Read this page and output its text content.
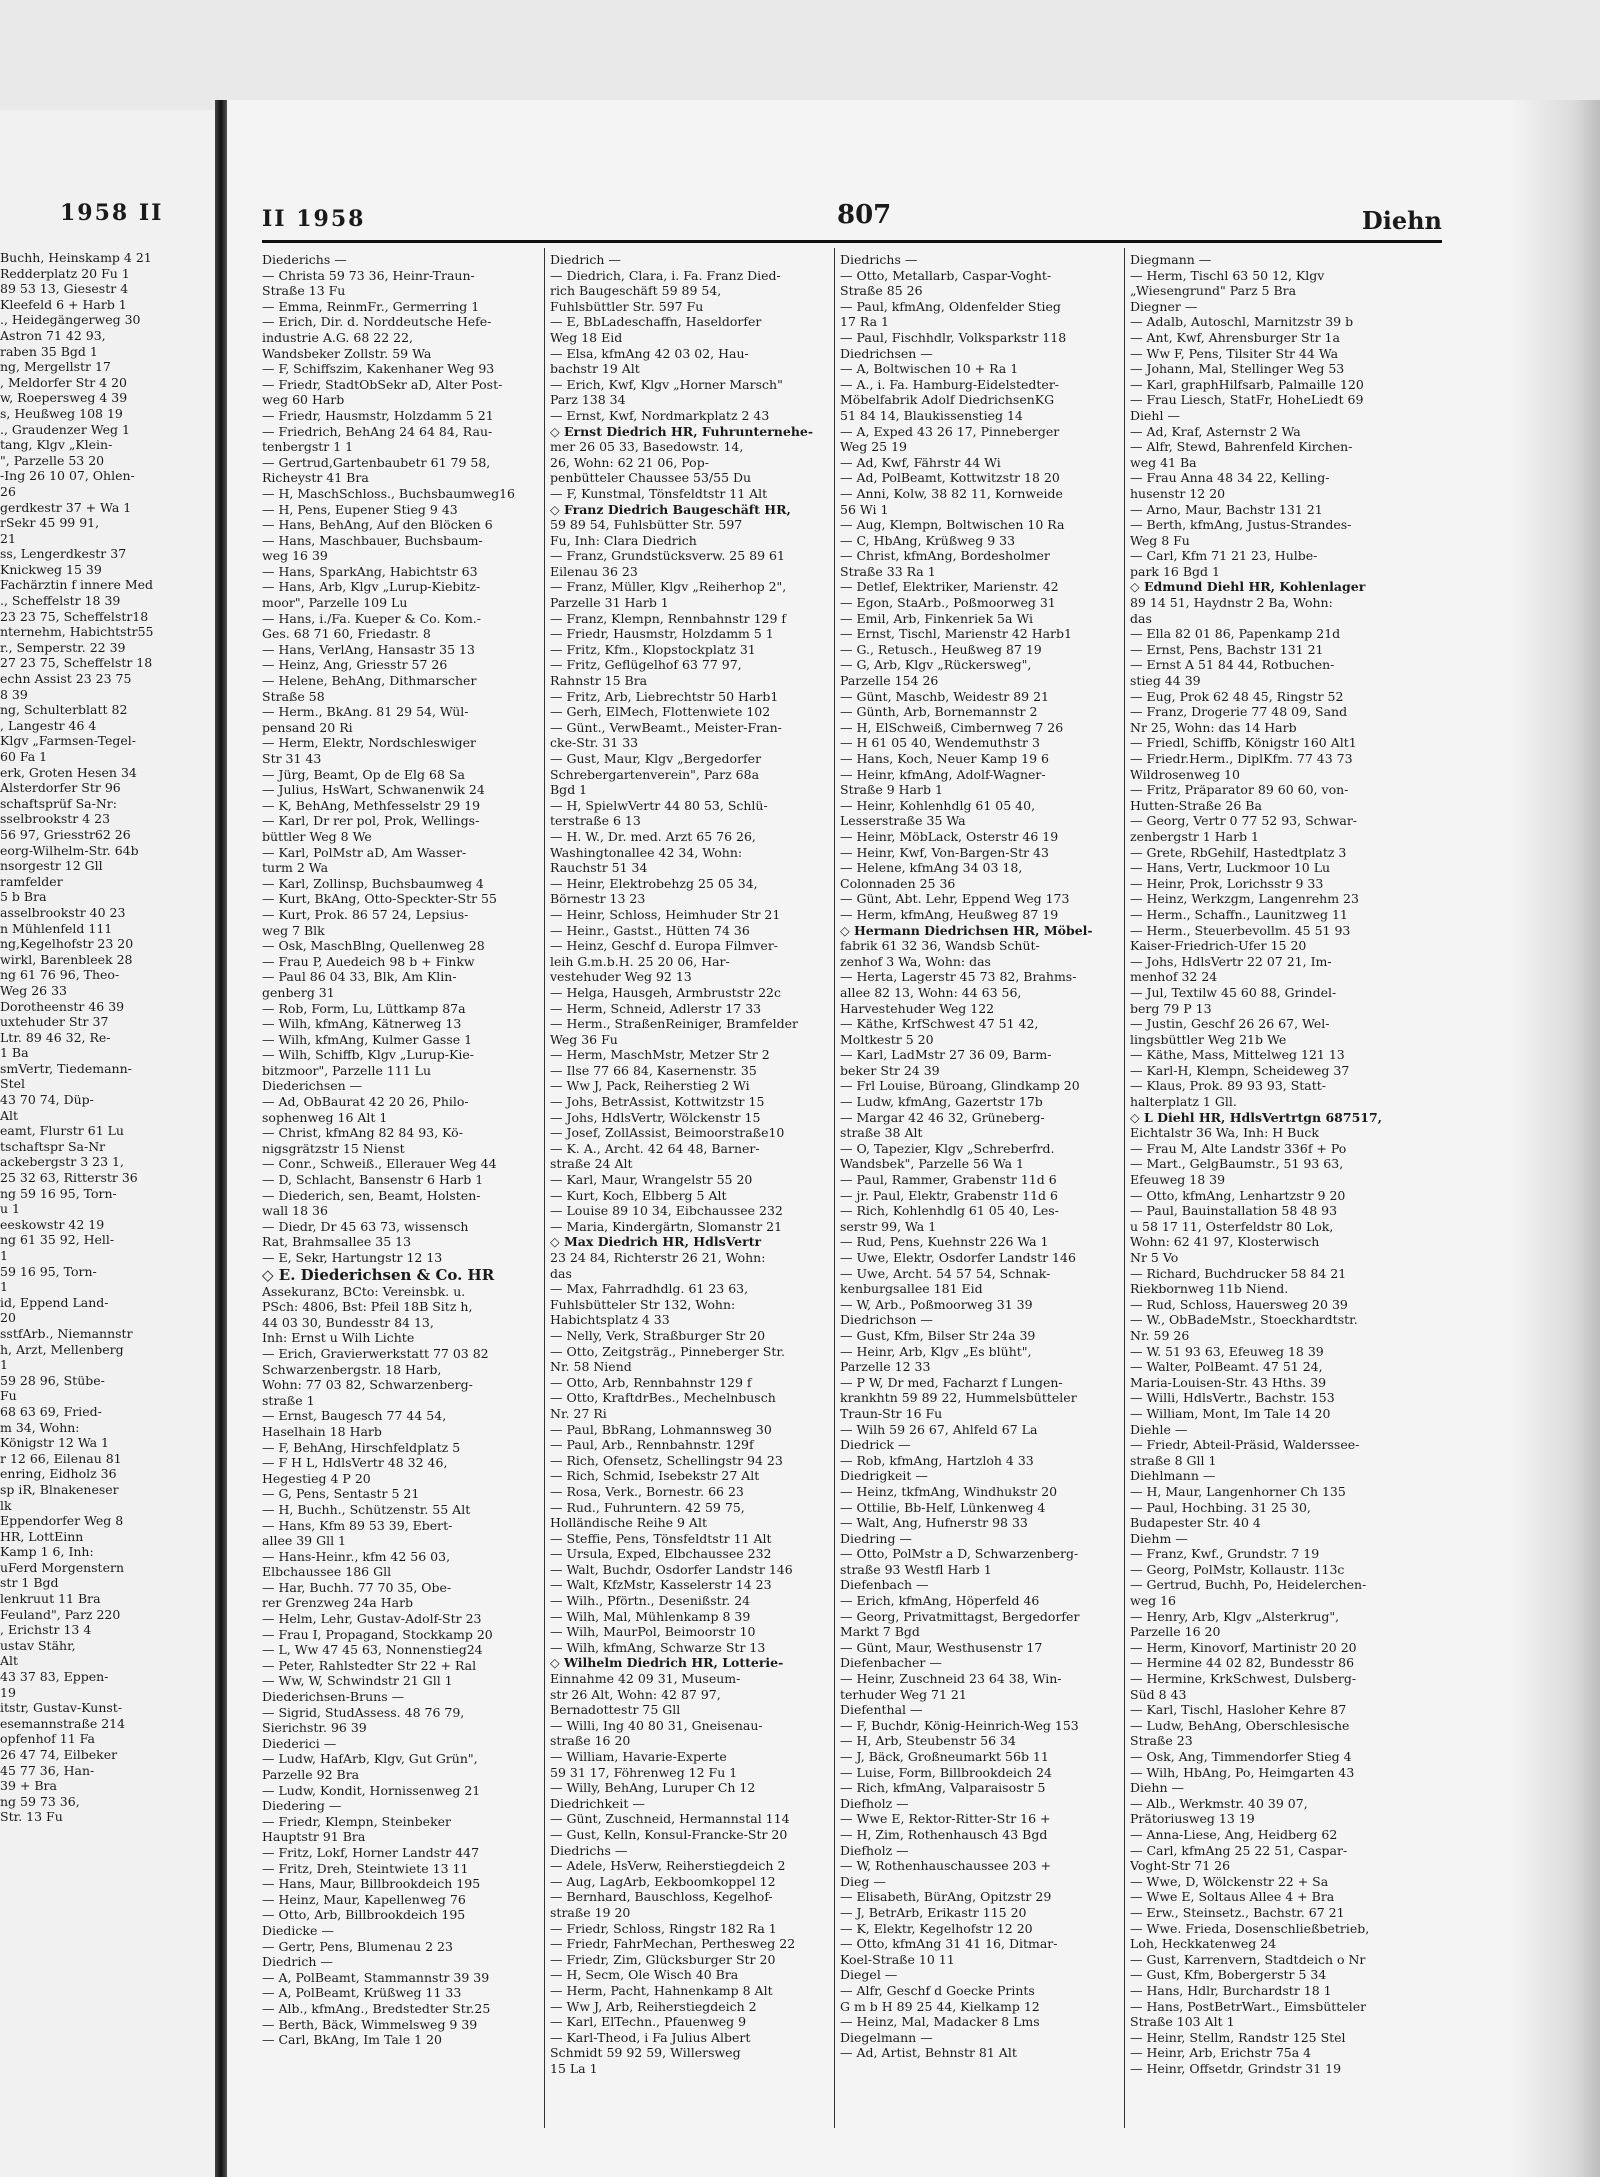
1958 II
Buchh, Heinskamp 4 21
Redderplatz 20 Fu 1
89 53 13, Giesestr 4
Kleefeld 6 + Harb 1
., Heidegängerweg 30
Astron 71 42 93,
raben 35 Bgd 1
ng, Mergellstr 17
, Meldorfer Str 4 20
w, Roepersweg 4 39
s, Heußweg 108 19
., Graudenzer Weg 1
tang, Klgv „Klein-
", Parzelle 53 20
-Ing 26 10 07, Ohlen-
26
gerdkestr 37 + Wa 1
rSekr 45 99 91,
21
ss, Lengerdkestr 37
Knickweg 15 39
Fachärztin f innere Med
., Scheffelstr 18 39
23 23 75, Scheffelstr18
nternehm, Habichtstr55
r., Semperstr. 22 39
27 23 75, Scheffelstr 18
echn Assist 23 23 75
8 39
ng, Schulterblatt 82
, Langestr 46 4
Klgv „Farmsen-Tegel-
60 Fa 1
erk, Groten Hesen 34
Alsterdorfer Str 96
schaftsprüf Sa-Nr:
sselbrookstr 4 23
56 97, Griesstr62 26
eorg-Wilhelm-Str. 64b
nsorgestr 12 Gll
ramfelder
5 b Bra
asselbrookstr 40 23
n Mühlenfeld 111
ng,Kegelhofstr 23 20
wirkl, Barenbleek 28
ng 61 76 96, Theo-
Weg 26 33
Dorotheenstr 46 39
uxtehuder Str 37
Ltr. 89 46 32, Re-
1 Ba
smVertr, Tiedemann-
Stel
43 70 74, Düp-
Alt
eamt, Flurstr 61 Lu
tschaftspr Sa-Nr
ackebergstr 3 23 1,
25 32 63, Ritterstr 36
ng 59 16 95, Torn-
u 1
eeskowstr 42 19
ng 61 35 92, Hell-
1
59 16 95, Torn-
1
id, Eppend Land-
20
sstfArb., Niemannstr
h, Arzt, Mellenberg
1
59 28 96, Stübe-
Fu
68 63 69, Fried-
m 34, Wohn:
Königstr 12 Wa 1
r 12 66, Eilenau 81
enring, Eidholz 36
sp iR, Blnakeneser
lk
Eppendorfer Weg 8
HR, LottEinn
Kamp 1 6, Inh:
uFerd Morgenstern
str 1 Bgd
lenkruut 11 Bra
Feuland", Parz 220
, Erichstr 13 4
ustav Stähr,
Alt
43 37 83, Eppen-
19
itstr, Gustav-Kunst-
esemannstraße 214
opfenhof 11 Fa
26 47 74, Eilbeker
45 77 36, Han-
39 + Bra
ng 59 73 36,
Str. 13 Fu
II 1958	807	Diehn
Diederichs —
— Christa 59 73 36, Heinr-Traun-
Straße 13 Fu
— Emma, ReinmFr., Germerring 1
— Erich, Dir. d. Norddeutsche Hefe-
industrie A.G. 68 22 22,
Wandsbeker Zollstr. 59 Wa
— F, Schiffszim, Kakenhaner Weg 93
— Friedr, StadtObSekr aD, Alter Post-
weg 60 Harb
— Friedr, Hausmstr, Holzdamm 5 21
— Friedrich, BehAng 24 64 84, Rau-
tenbergstr 1 1
— Gertrud,Gartenbaubetr 61 79 58,
Richeystr 41 Bra
— H, MaschSchloss., Buchsbaumweg16
— H, Pens, Eupener Stieg 9 43
— Hans, BehAng, Auf den Blöcken 6
— Hans, Maschbauer, Buchsbaum-
weg 16 39
— Hans, SparkAng, Habichtstr 63
— Hans, Arb, Klgv „Lurup-Kiebitz-
moor", Parzelle 109 Lu
— Hans, i./Fa. Kueper & Co. Kom.-
Ges. 68 71 60, Friedastr. 8
— Hans, VerlAng, Hansastr 35 13
— Heinz, Ang, Griesstr 57 26
— Helene, BehAng, Dithmarscher
Straße 58
— Herm., BkAng. 81 29 54, Wül-
pensand 20 Ri
— Herm, Elektr, Nordschleswiger
Str 31 43
— Jürg, Beamt, Op de Elg 68 Sa
— Julius, HsWart, Schwanenwik 24
— K, BehAng, Methfesselstr 29 19
— Karl, Dr rer pol, Prok, Wellings-
büttler Weg 8 We
— Karl, PolMstr aD, Am Wasser-
turm 2 Wa
— Karl, Zollinsp, Buchsbaumweg 4
— Kurt, BkAng, Otto-Speckter-Str 55
— Kurt, Prok. 86 57 24, Lepsius-
weg 7 Blk
— Osk, MaschBlng, Quellenweg 28
— Frau P, Auedeich 98 b + Finkw
— Paul 86 04 33, Blk, Am Klin-
genberg 31
— Rob, Form, Lu, Lüttkamp 87a
— Wilh, kfmAng, Kätnerweg 13
— Wilh, kfmAng, Kulmer Gasse 1
— Wilh, Schiffb, Klgv „Lurup-Kie-
bitzmoor", Parzelle 111 Lu
Diederichsen —
— Ad, ObBaurat 42 20 26, Philo-
sophenweg 16 Alt 1
— Christ, kfmAng 82 84 93, Kö-
nigsgrätzstr 15 Nienst
— Conr., Schweiß., Ellerauer Weg 44
— D, Schlacht, Bansenstr 6 Harb 1
— Diederich, sen, Beamt, Holsten-
wall 18 36
— Diedr, Dr 45 63 73, wissensch
Rat, Brahmsallee 35 13
— E, Sekr, Hartungstr 12 13
◇ E. Diederichsen & Co. HR
Assekuranz, BCto: Vereinsbk. u.
PSch: 4806, Bst: Pfeil 18B Sitz h,
44 03 30, Bundesstr 84 13,
Inh: Ernst u Wilh Lichte
— Erich, Gravierwerkstatt 77 03 82
Schwarzenbergstr. 18 Harb,
Wohn: 77 03 82, Schwarzenberg-
straße 1
— Ernst, Baugesch 77 44 54,
Haselhain 18 Harb
— F, BehAng, Hirschfeldplatz 5
— F H L, HdlsVertr 48 32 46,
Hegestieg 4 P 20
— G, Pens, Sentastr 5 21
— H, Buchh., Schützenstr. 55 Alt
— Hans, Kfm 89 53 39, Ebert-
allee 39 Gll 1
— Hans-Heinr., kfm 42 56 03,
Elbchaussee 186 Gll
— Har, Buchh. 77 70 35, Obe-
rer Grenzweg 24a Harb
— Helm, Lehr, Gustav-Adolf-Str 23
— Frau I, Propagand, Stockkamp 20
— L, Ww 47 45 63, Nonnenstieg24
— Peter, Rahlstedter Str 22 + Ral
— Ww, W, Schwindstr 21 Gll 1
Diederichsen-Bruns —
— Sigrid, StudAssess. 48 76 79,
Sierichstr. 96 39
Diederici —
— Ludw, HafArb, Klgv, Gut Grün",
Parzelle 92 Bra
— Ludw, Kondit, Hornissenweg 21
Diedering —
— Friedr, Klempn, Steinbeker
Hauptstr 91 Bra
— Fritz, Lokf, Horner Landstr 447
— Fritz, Dreh, Steintwiete 13 11
— Hans, Maur, Billbrookdeich 195
— Heinz, Maur, Kapellenweg 76
— Otto, Arb, Billbrookdeich 195
Diedicke —
— Gertr, Pens, Blumenau 2 23
Diedrich —
— A, PolBeamt, Stammannstr 39 39
— A, PolBeamt, Krüßweg 11 33
— Alb., kfmAng., Bredstedter Str.25
— Berth, Bäck, Wimmelsweg 9 39
— Carl, BkAng, Im Tale 1 20
Diedrich —
— Diedrich, Clara, i. Fa. Franz Died-
rich Baugeschäft 59 89 54,
Fuhlsbüttler Str. 597 Fu
— E, BbLadeschaffn, Haseldorfer
Weg 18 Eid
— Elsa, kfmAng 42 03 02, Hau-
bachstr 19 Alt
— Erich, Kwf, Klgv „Horner Marsch"
Parz 138 34
— Ernst, Kwf, Nordmarkplatz 2 43
◇ Ernst Diedrich HR, Fuhrunternehe-
mer 26 05 33, Basedowstr. 14,
26, Wohn: 62 21 06, Pop-
penbütteler Chaussee 53/55 Du
— F, Kunstmal, Tönsfeldtstr 11 Alt
◇ Franz Diedrich Baugeschäft HR,
59 89 54, Fuhlsbütter Str. 597
Fu, Inh: Clara Diedrich
— Franz, Grundstücksverw. 25 89 61
Eilenau 36 23
— Franz, Müller, Klgv „Reiherhop 2",
Parzelle 31 Harb 1
— Franz, Klempn, Rennbahnstr 129 f
— Friedr, Hausmstr, Holzdamm 5 1
— Fritz, Kfm., Klopstockplatz 31
— Fritz, Geflügelhof 63 77 97,
Rahnstr 15 Bra
— Fritz, Arb, Liebrechtstr 50 Harb1
— Gerh, ElMech, Flottenwiete 102
— Günt., VerwBeamt., Meister-Fran-
cke-Str. 31 33
— Gust, Maur, Klgv „Bergedorfer
Schrebergartenverein", Parz 68a
Bgd 1
— H, SpielwVertr 44 80 53, Schlü-
terstraße 6 13
— H. W., Dr. med. Arzt 65 76 26,
Washingtonallee 42 34, Wohn:
Rauchstr 51 34
— Heinr, Elektrobehzg 25 05 34,
Börnestr 13 23
— Heinr, Schloss, Heimhuder Str 21
— Heinr., Gastst., Hütten 74 36
— Heinz, Geschf d. Europa Filmver-
leih G.m.b.H. 25 20 06, Har-
vestehuder Weg 92 13
— Helga, Hausgeh, Armbruststr 22c
— Herm, Schneid, Adlerstr 17 33
— Herm., StraßenReiniger, Bramfelder
Weg 36 Fu
— Herm, MaschMstr, Metzer Str 2
— Ilse 77 66 84, Kasernenstr. 35
— Ww J, Pack, Reiherstieg 2 Wi
— Johs, BetrAssist, Kottwitzstr 15
— Johs, HdlsVertr, Wölckenstr 15
— Josef, ZollAssist, Beimoorstraße10
— K. A., Archt. 42 64 48, Barner-
straße 24 Alt
— Karl, Maur, Wrangelstr 55 20
— Kurt, Koch, Elbberg 5 Alt
— Louise 89 10 34, Eibchaussee 232
— Maria, Kindergärtn, Slomanstr 21
◇ Max Diedrich HR, HdlsVertr
23 24 84, Richterstr 26 21, Wohn:
das
— Max, Fahrradhdlg. 61 23 63,
Fuhlsbütteler Str 132, Wohn:
Habichtsplatz 4 33
— Nelly, Verk, Straßburger Str 20
— Otto, Zeitgsträg., Pinneberger Str.
Nr. 58 Niend
— Otto, Arb, Rennbahnstr 129 f
— Otto, KraftdrBes., Mechelnbusch
Nr. 27 Ri
— Paul, BbRang, Lohmannsweg 30
— Paul, Arb., Rennbahnstr. 129f
— Rich, Ofensetz, Schellingstr 94 23
— Rich, Schmid, Isebekstr 27 Alt
— Rosa, Verk., Bornestr. 66 23
— Rud., Fuhruntern. 42 59 75,
Holländische Reihe 9 Alt
— Steffie, Pens, Tönsfeldtstr 11 Alt
— Ursula, Exped, Elbchaussee 232
— Walt, Buchdr, Osdorfer Landstr 146
— Walt, KfzMstr, Kasselerstr 14 23
— Wilh., Pförtn., Desenißstr. 24
— Wilh, Mal, Mühlenkamp 8 39
— Wilh, MaurPol, Beimoorstr 10
— Wilh, kfmAng, Schwarze Str 13
◇ Wilhelm Diedrich HR, Lotterie-
Einnahme 42 09 31, Museum-
str 26 Alt, Wohn: 42 87 97,
Bernadottestr 75 Gll
— Willi, Ing 40 80 31, Gneisenau-
straße 16 20
— William, Havarie-Experte
59 31 17, Föhrenweg 12 Fu 1
— Willy, BehAng, Luruper Ch 12
Diedrichkeit —
— Günt, Zuschneid, Hermannstal 114
— Gust, Kelln, Konsul-Francke-Str 20
Diedrichs —
— Adele, HsVerw, Reiherstiegdeich 2
— Aug, LagArb, Eekboomkoppel 12
— Bernhard, Bauschloss, Kegelhof-
straße 19 20
— Friedr, Schloss, Ringstr 182 Ra 1
— Friedr, FahrMechan, Perthesweg 22
— Friedr, Zim, Glücksburger Str 20
— H, Secm, Ole Wisch 40 Bra
— Herm, Pacht, Hahnenkamp 8 Alt
— Ww J, Arb, Reiherstiegdeich 2
— Karl, ElTechn., Pfauenweg 9
— Karl-Theod, i Fa Julius Albert
Schmidt 59 92 59, Willersweg
15 La 1
Diedrichs —
— Otto, Metallarb, Caspar-Voght-
Straße 85 26
— Paul, kfmAng, Oldenfelder Stieg
17 Ra 1
— Paul, Fischhdlr, Volksparkstr 118
Diedrichsen —
— A, Boltwischen 10 + Ra 1
— A., i. Fa. Hamburg-Eidelstedter-
Möbelfabrik Adolf DiedrichsenKG
51 84 14, Blaukissenstieg 14
— A, Exped 43 26 17, Pinneberger
Weg 25 19
— Ad, Kwf, Fährstr 44 Wi
— Ad, PolBeamt, Kottwitzstr 18 20
— Anni, Kolw, 38 82 11, Kornweide
56 Wi 1
— Aug, Klempn, Boltwischen 10 Ra
— C, HbAng, Krüßweg 9 33
— Christ, kfmAng, Bordesholmer
Straße 33 Ra 1
— Detlef, Elektriker, Marienstr. 42
— Egon, StaArb., Poßmoorweg 31
— Emil, Arb, Finkenriek 5a Wi
— Ernst, Tischl, Marienstr 42 Harb1
— G., Retusch., Heußweg 87 19
— G, Arb, Klgv „Rückersweg",
Parzelle 154 26
— Günt, Maschb, Weidestr 89 21
— Günth, Arb, Bornemannstr 2
— H, ElSchweiß, Cimbernweg 7 26
— H 61 05 40, Wendemuthstr 3
— Hans, Koch, Neuer Kamp 19 6
— Heinr, kfmAng, Adolf-Wagner-
Straße 9 Harb 1
— Heinr, Kohlenhdlg 61 05 40,
Lesserstraße 35 Wa
— Heinr, MöbLack, Osterstr 46 19
— Heinr, Kwf, Von-Bargen-Str 43
— Helene, kfmAng 34 03 18,
Colonnaden 25 36
— Günt, Abt. Lehr, Eppend Weg 173
— Herm, kfmAng, Heußweg 87 19
◇ Hermann Diedrichsen HR, Möbel-
fabrik 61 32 36, Wandsb Schüt-
zenhof 3 Wa, Wohn: das
— Herta, Lagerstr 45 73 82, Brahms-
allee 82 13, Wohn: 44 63 56,
Harvestehuder Weg 122
— Käthe, KrfSchwest 47 51 42,
Moltkestr 5 20
— Karl, LadMstr 27 36 09, Barm-
beker Str 24 39
— Frl Louise, Büroang, Glindkamp 20
— Ludw, kfmAng, Gazertstr 17b
— Margar 42 46 32, Grüneberg-
straße 38 Alt
— O, Tapezier, Klgv „Schreberfrd.
Wandsbek", Parzelle 56 Wa 1
— Paul, Rammer, Grabenstr 11d 6
— jr. Paul, Elektr, Grabenstr 11d 6
— Rich, Kohlenhdlg 61 05 40, Les-
serstr 99, Wa 1
— Rud, Pens, Kuehnstr 226 Wa 1
— Uwe, Elektr, Osdorfer Landstr 146
— Uwe, Archt. 54 57 54, Schnak-
kenburgsallee 181 Eid
— W, Arb., Poßmoorweg 31 39
Diedrichson —
— Gust, Kfm, Bilser Str 24a 39
— Heinr, Arb, Klgv „Es blüht",
Parzelle 12 33
— P W, Dr med, Facharzt f Lungen-
krankhtn 59 89 22, Hummelsbütteler
Traun-Str 16 Fu
— Wilh 59 26 67, Ahlfeld 67 La
Diedrick —
— Rob, kfmAng, Hartzloh 4 33
Diedrigkeit —
— Heinz, tkfmAng, Windhukstr 20
— Ottilie, Bb-Helf, Lünkenweg 4
— Walt, Ang, Hufnerstr 98 33
Diedring —
— Otto, PolMstr a D, Schwarzenberg-
straße 93 Westfl Harb 1
Diefenbach —
— Erich, kfmAng, Höperfeld 46
— Georg, Privatmittagst, Bergedorfer
Markt 7 Bgd
— Günt, Maur, Westhusenstr 17
Diefenbacher —
— Heinr, Zuschneid 23 64 38, Win-
terhuder Weg 71 21
Diefenthal —
— F, Buchdr, König-Heinrich-Weg 153
— H, Arb, Steubenstr 56 34
— J, Bäck, Großneumarkt 56b 11
— Luise, Form, Billbrookdeich 24
— Rich, kfmAng, Valparaisostr 5
Diefholz —
— Wwe E, Rektor-Ritter-Str 16 +
— H, Zim, Rothenhausch 43 Bgd
Diefholz —
— W, Rothenhauschaussee 203 +
Dieg —
— Elisabeth, BürAng, Opitzstr 29
— J, BetrArb, Erikastr 115 20
— K, Elektr, Kegelhofstr 12 20
— Otto, kfmAng 31 41 16, Ditmar-
Koel-Straße 10 11
Diegel —
— Alfr, Geschf d Goecke Prints
G m b H 89 25 44, Kielkamp 12
— Heinz, Mal, Madacker 8 Lms
Diegelmann —
— Ad, Artist, Behnstr 81 Alt
Diegmann —
— Herm, Tischl 63 50 12, Klgv
„Wiesengrund" Parz 5 Bra
Diegner —
— Adalb, Autoschl, Marnitzstr 39 b
— Ant, Kwf, Ahrensburger Str 1a
— Ww F, Pens, Tilsiter Str 44 Wa
— Johann, Mal, Stellinger Weg 53
— Karl, graphHilfsarb, Palmaille 120
— Frau Liesch, StatFr, HoheLiedt 69
Diehl —
— Ad, Kraf, Asternstr 2 Wa
— Alfr, Stewd, Bahrenfeld Kirchen-
weg 41 Ba
— Frau Anna 48 34 22, Kelling-
husenstr 12 20
— Arno, Maur, Bachstr 131 21
— Berth, kfmAng, Justus-Strandes-
Weg 8 Fu
— Carl, Kfm 71 21 23, Hulbe-
park 16 Bgd 1
◇ Edmund Diehl HR, Kohlenlager
89 14 51, Haydnstr 2 Ba, Wohn:
das
— Ella 82 01 86, Papenkamp 21d
— Ernst, Pens, Bachstr 131 21
— Ernst A 51 84 44, Rotbuchen-
stieg 44 39
— Eug, Prok 62 48 45, Ringstr 52
— Franz, Drogerie 77 48 09, Sand
Nr 25, Wohn: das 14 Harb
— Friedl, Schiffb, Königstr 160 Alt1
— Friedr.Herm., DiplKfm. 77 43 73
Wildrosenweg 10
— Fritz, Präparator 89 60 60, von-
Hutten-Straße 26 Ba
— Georg, Vertr 0 77 52 93, Schwar-
zenbergstr 1 Harb 1
— Grete, RbGehilf, Hastedtplatz 3
— Hans, Vertr, Luckmoor 10 Lu
— Heinr, Prok, Lorichsstr 9 33
— Heinz, Werkzgm, Langenrehm 23
— Herm., Schaffn., Launitzweg 11
— Herm., Steuerbevollm. 45 51 93
Kaiser-Friedrich-Ufer 15 20
— Johs, HdlsVertr 22 07 21, Im-
menhof 32 24
— Jul, Textilw 45 60 88, Grindel-
berg 79 P 13
— Justin, Geschf 26 26 67, Wel-
lingsbüttler Weg 21b We
— Käthe, Mass, Mittelweg 121 13
— Karl-H, Klempn, Scheideweg 37
— Klaus, Prok. 89 93 93, Statt-
halterplatz 1 Gll.
◇ L Diehl HR, HdlsVertrtgn 687517,
Eichtalstr 36 Wa, Inh: H Buck
— Frau M, Alte Landstr 336f + Po
— Mart., GelgBaumstr., 51 93 63,
Efeuweg 18 39
— Otto, kfmAng, Lenhartzstr 9 20
— Paul, Bauinstallation 58 48 93
u 58 17 11, Osterfeldstr 80 Lok,
Wohn: 62 41 97, Klosterwisch
Nr 5 Vo
— Richard, Buchdrucker 58 84 21
Riekbornweg 11b Niend.
— Rud, Schloss, Hauersweg 20 39
— W., ObBadeMstr., Stoeckhardtstr.
Nr. 59 26
— W. 51 93 63, Efeuweg 18 39
— Walter, PolBeamt. 47 51 24,
Maria-Louisen-Str. 43 Hths. 39
— Willi, HdlsVertr., Bachstr. 153
— William, Mont, Im Tale 14 20
Diehle —
— Friedr, Abteil-Präsid, Walderssee-
straße 8 Gll 1
Diehlmann —
— H, Maur, Langenhorner Ch 135
— Paul, Hochbing. 31 25 30,
Budapester Str. 40 4
Diehm —
— Franz, Kwf., Grundstr. 7 19
— Georg, PolMstr, Kollaustr. 113c
— Gertrud, Buchh, Po, Heidelerchen-
weg 16
— Henry, Arb, Klgv „Alsterkrug",
Parzelle 16 20
— Herm, Kinovorf, Martinistr 20 20
— Hermine 44 02 82, Bundesstr 86
— Hermine, KrkSchwest, Dulsberg-
Süd 8 43
— Karl, Tischl, Hasloher Kehre 87
— Ludw, BehAng, Oberschlesische
Straße 23
— Osk, Ang, Timmendorfer Stieg 4
— Wilh, HbAng, Po, Heimgarten 43
Diehn —
— Alb., Werkmstr. 40 39 07,
Prätoriusweg 13 19
— Anna-Liese, Ang, Heidberg 62
— Carl, kfmAng 25 22 51, Caspar-
Voght-Str 71 26
— Wwe, D, Wölckenstr 22 + Sa
— Wwe E, Soltaus Allee 4 + Bra
— Erw., Steinsetz., Bachstr. 67 21
— Wwe. Frieda, Dosenschließbetrieb,
Loh, Heckkatenweg 24
— Gust, Karrenvern, Stadtdeich o Nr
— Gust, Kfm, Bobergerstr 5 34
— Hans, Hdlr, Burchardstr 18 1
— Hans, PostBetrWart., Eimsbütteler
Straße 103 Alt 1
— Heinr, Stellm, Randstr 125 Stel
— Heinr, Arb, Erichstr 75a 4
— Heinr, Offsetdr, Grindstr 31 19
